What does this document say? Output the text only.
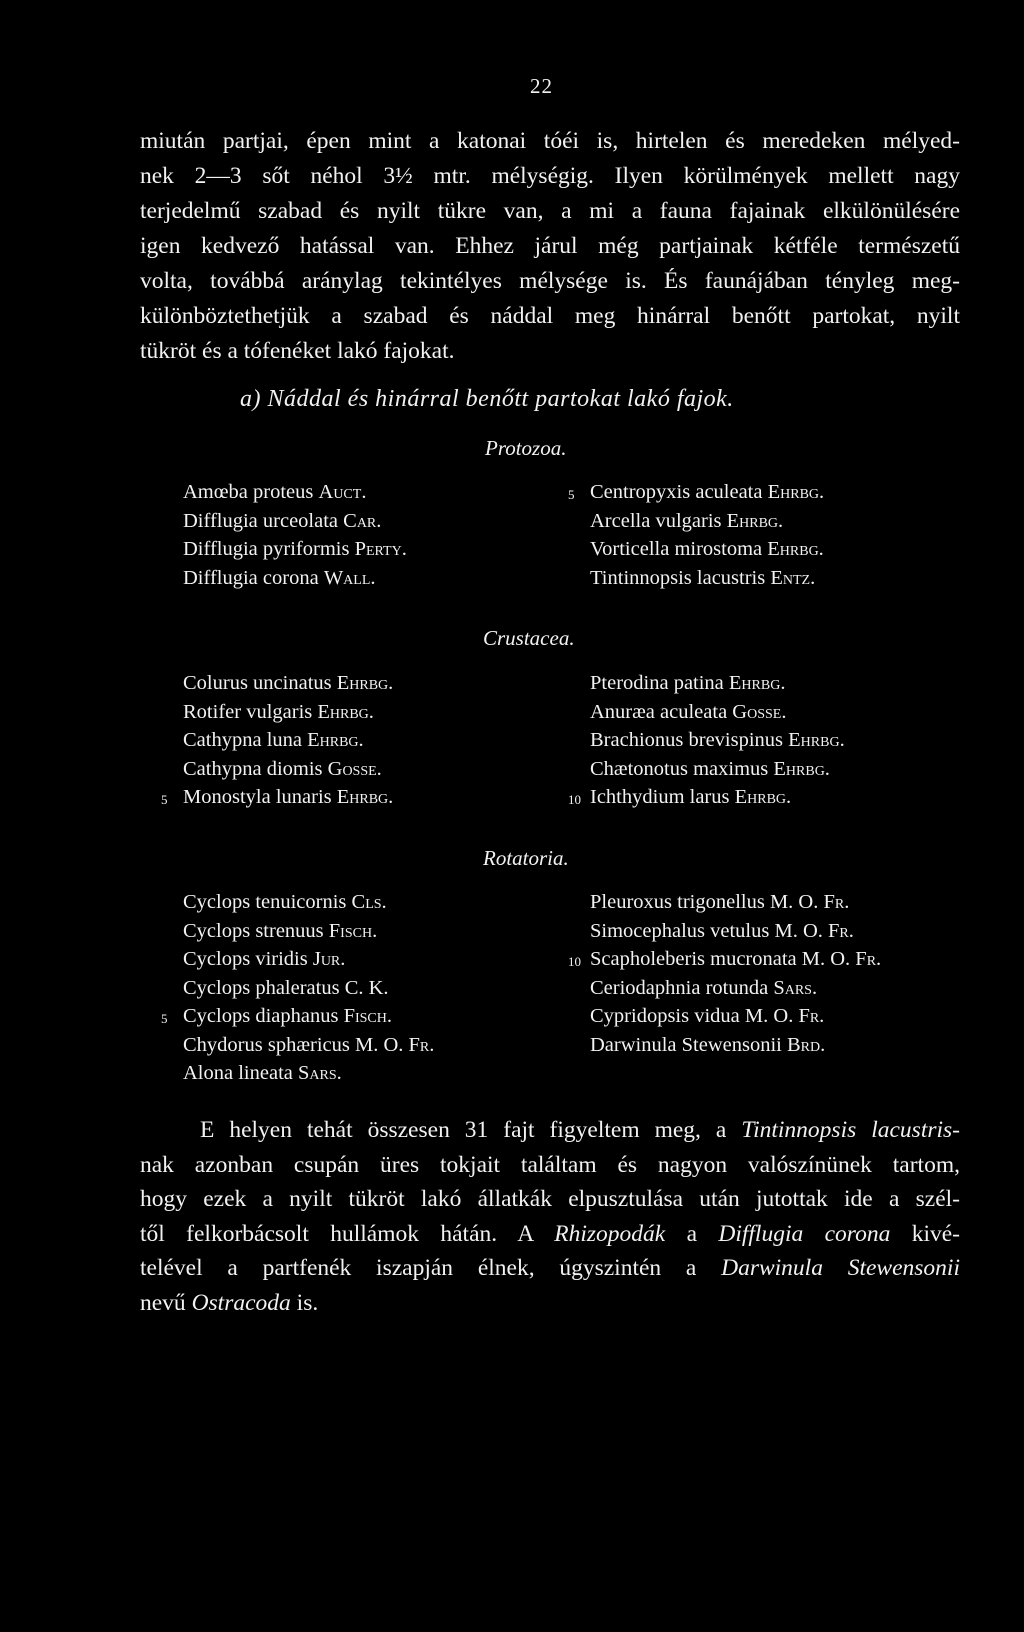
22
miután partjai, épen mint a katonai tóéi is, hirtelen és meredeken mélyed-
nek 2—3 sőt néhol 3½ mtr. mélységig. Ilyen körülmények mellett nagy
terjedelmű szabad és nyilt tükre van, a mi a fauna fajainak elkülönülésére
igen kedvező hatással van. Ehhez járul még partjainak kétféle természetű
volta, továbbá aránylag tekintélyes mélysége is. És faunájában tényleg meg-
különböztethetjük a szabad és náddal meg hinárral benőtt partokat, nyilt
tükröt és a tófenéket lakó fajokat.
a) Náddal és hinárral benőtt partokat lakó fajok.
Protozoa.
Amœba proteus Auct.
Difflugia urceolata Car.
Difflugia pyriformis Perty.
Difflugia corona Wall.
5 Centropyxis aculeata Ehrbg.
Arcella vulgaris Ehrbg.
Vorticella mirostoma Ehrbg.
Tintinnopsis lacustris Entz.
Crustacea.
Colurus uncinatus Ehrbg.
Rotifer vulgaris Ehrbg.
Cathypna luna Ehrbg.
Cathypna diomis Gosse.
5 Monostyla lunaris Ehrbg.
Pterodina patina Ehrbg.
Anuræa aculeata Gosse.
Brachionus brevispinus Ehrbg.
Chætonotus maximus Ehrbg.
10 Ichthydium larus Ehrbg.
Rotatoria.
Cyclops tenuicornis Cls.
Cyclops strenuus Fisch.
Cyclops viridis Jur.
Cyclops phaleratus C. K.
5 Cyclops diaphanus Fisch.
Chydorus sphæricus M. O. Fr.
Alona lineata Sars.
Pleuroxus trigonellus M. O. Fr.
Simocephalus vetulus M. O. Fr.
10 Scapholeberis mucronata M. O. Fr.
Ceriodaphnia rotunda Sars.
Cypridopsis vidua M. O. Fr.
Darwinula Stewensonii Brd.
E helyen tehát összesen 31 fajt figyeltem meg, a Tintinnopsis lacustris-
nak azonban csupán üres tokjait találtam és nagyon valószínünek tartom,
hogy ezek a nyilt tükröt lakó állatkák elpusztulása után jutottak ide a szél-
től felkorbácsolt hullámok hátán. A Rhizopodák a Difflugia corona kivé-
telével a partfenék iszapján élnek, úgyszintén a Darwinula Stewensonii
nevű Ostracoda is.
